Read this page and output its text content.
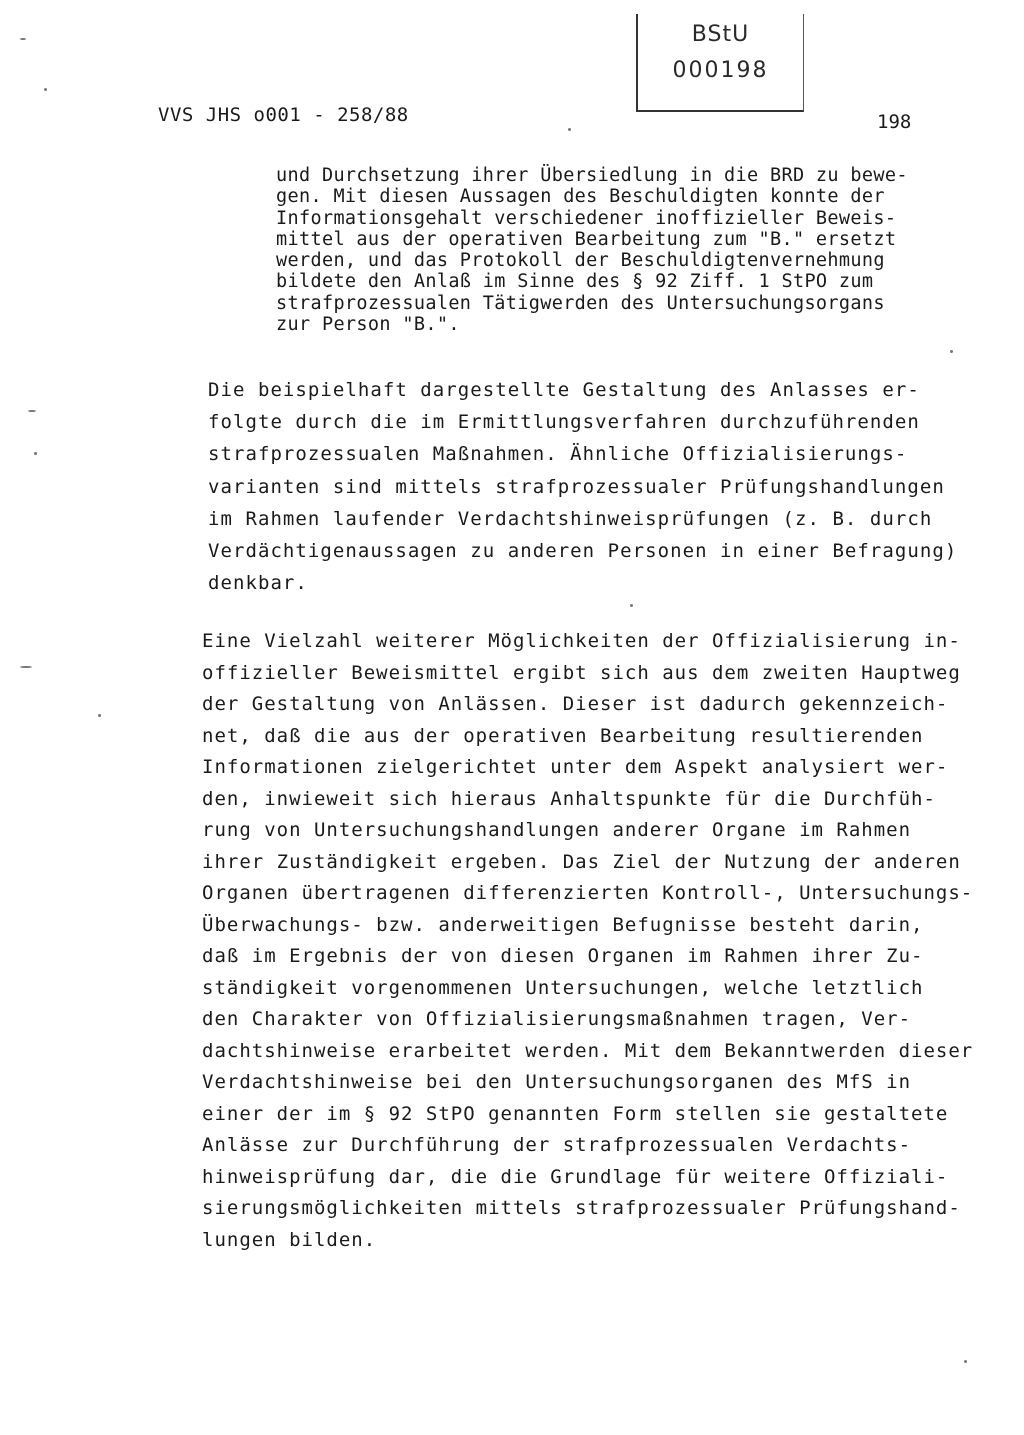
VVS JHS o001 - 258/88
BStU
000198
198
und Durchsetzung ihrer Übersiedlung in die BRD zu bewe-
gen. Mit diesen Aussagen des Beschuldigten konnte der
Informationsgehalt verschiedener inoffizieller Beweis-
mittel aus der operativen Bearbeitung zum "B." ersetzt
werden, und das Protokoll der Beschuldigtenvernehmung
bildete den Anlaß im Sinne des § 92 Ziff. 1 StPO zum
strafprozessualen Tätigwerden des Untersuchungsorgans
zur Person "B.".
Die beispielhaft dargestellte Gestaltung des Anlasses er-
folgte durch die im Ermittlungsverfahren durchzuführenden
strafprozessualen Maßnahmen. Ähnliche Offizialisierungs-
varianten sind mittels strafprozessualer Prüfungshandlungen
im Rahmen laufender Verdachtshinweisprüfungen (z. B. durch
Verdächtigenaussagen zu anderen Personen in einer Befragung)
denkbar.
Eine Vielzahl weiterer Möglichkeiten der Offizialisierung in-
offizieller Beweismittel ergibt sich aus dem zweiten Hauptweg
der Gestaltung von Anlässen. Dieser ist dadurch gekennzeich-
net, daß die aus der operativen Bearbeitung resultierenden
Informationen zielgerichtet unter dem Aspekt analysiert wer-
den, inwieweit sich hieraus Anhaltspunkte für die Durchfüh-
rung von Untersuchungshandlungen anderer Organe im Rahmen
ihrer Zuständigkeit ergeben. Das Ziel der Nutzung der anderen
Organen übertragenen differenzierten Kontroll-, Untersuchungs-
Überwachungs- bzw. anderweitigen Befugnisse besteht darin,
daß im Ergebnis der von diesen Organen im Rahmen ihrer Zu-
ständigkeit vorgenommenen Untersuchungen, welche letztlich
den Charakter von Offizialisierungsmaßnahmen tragen, Ver-
dachtshinweise erarbeitet werden. Mit dem Bekanntwerden dieser
Verdachtshinweise bei den Untersuchungsorganen des MfS in
einer der im § 92 StPO genannten Form stellen sie gestaltete
Anlässe zur Durchführung der strafprozessualen Verdachts-
hinweisprüfung dar, die die Grundlage für weitere Offiziali-
sierungsmöglichkeiten mittels strafprozessualer Prüfungshand-
lungen bilden.
